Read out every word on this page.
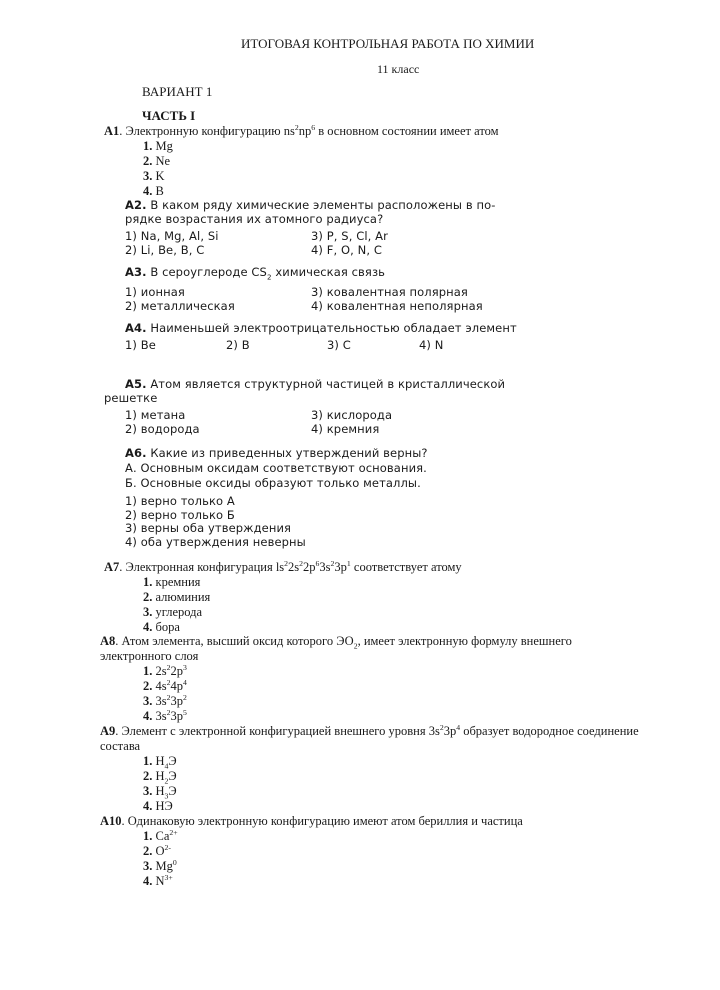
ИТОГОВАЯ КОНТРОЛЬНАЯ РАБОТА ПО ХИМИИ
11 класс
ВАРИАНТ 1
ЧАСТЬ I
А1. Электронную конфигурацию $ns^2np^6$ в основном состоянии имеет атом
1. Mg
2. Ne
3. K
4. B
А2. В каком ряду химические элементы расположены в по-
рядке возрастания их атомного радиуса?
1) Na, Mg, Al, Si	3) P, S, Cl, Ar
2) Li, Be, B, C	4) F, O, N, C
А3. В сероуглероде $CS_2$ химическая связь
1) ионная	3) ковалентная полярная
2) металлическая	4) ковалентная неполярная
А4. Наименьшей электроотрицательностью обладает элемент
1) Be	2) B	3) C	4) N
А5. Атом является структурной частицей в кристаллической
решетке
1) метана	3) кислорода
2) водорода	4) кремния
А6. Какие из приведенных утверждений верны?
А. Основным оксидам соответствуют основания.
Б. Основные оксиды образуют только металлы.
1) верно только А
2) верно только Б
3) верны оба утверждения
4) оба утверждения неверны
А7. Электронная конфигурация $ls^22s^22p^63s^23p^1$ соответствует атому
1. кремния
2. алюминия
3. углерода
4. бора
А8. Атом элемента, высший оксид которого $ЭО_2$, имеет электронную формулу внешнего
электронного слоя
1. $2s^22p^3$
2. $4s^24p^4$
3. $3s^23p^2$
4. $3s^23p^5$
А9. Элемент с электронной конфигурацией внешнего уровня $3s^23p^4$ образует водородное соединение
состава
1. $H_4Э$
2. $H_2Э$
3. $H_3Э$
4. HЭ
А10. Одинаковую электронную конфигурацию имеют атом бериллия и частица
1. $Ca^{2+}$
2. $O^{2-}$
3. Mg$^0$
4. $N^{3+}$
